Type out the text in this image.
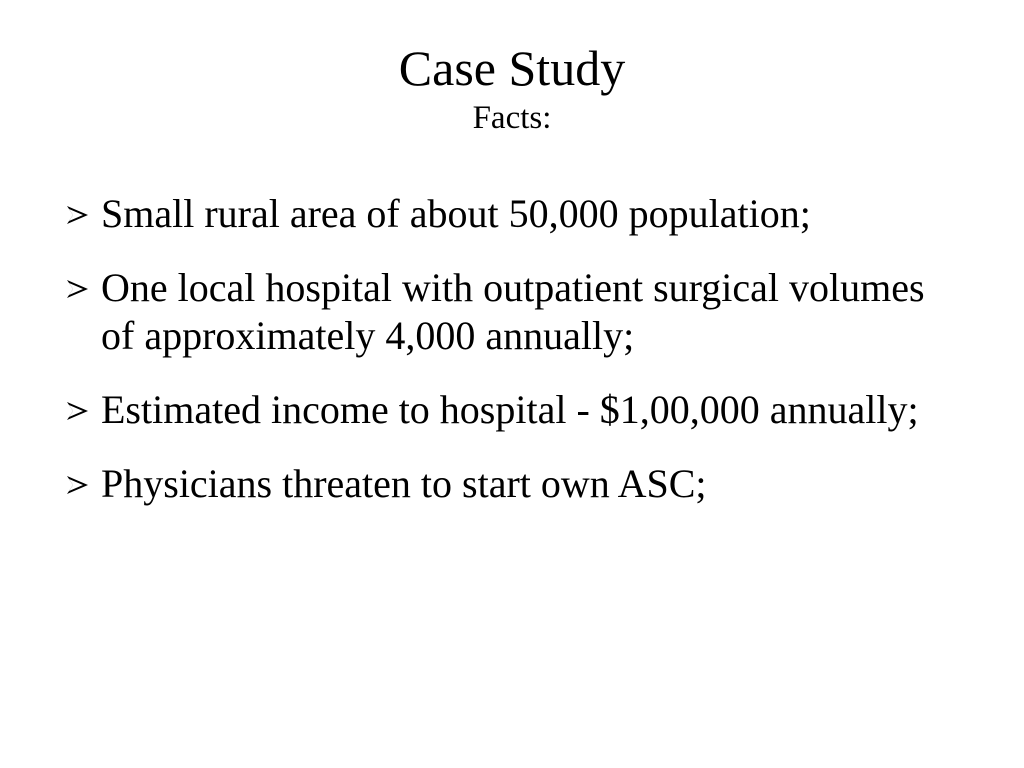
Case Study
Facts:
Small rural area of about 50,000 population;
One local hospital with outpatient surgical volumes of approximately 4,000 annually;
Estimated income to hospital - $1,00,000 annually;
Physicians threaten to start own ASC;
